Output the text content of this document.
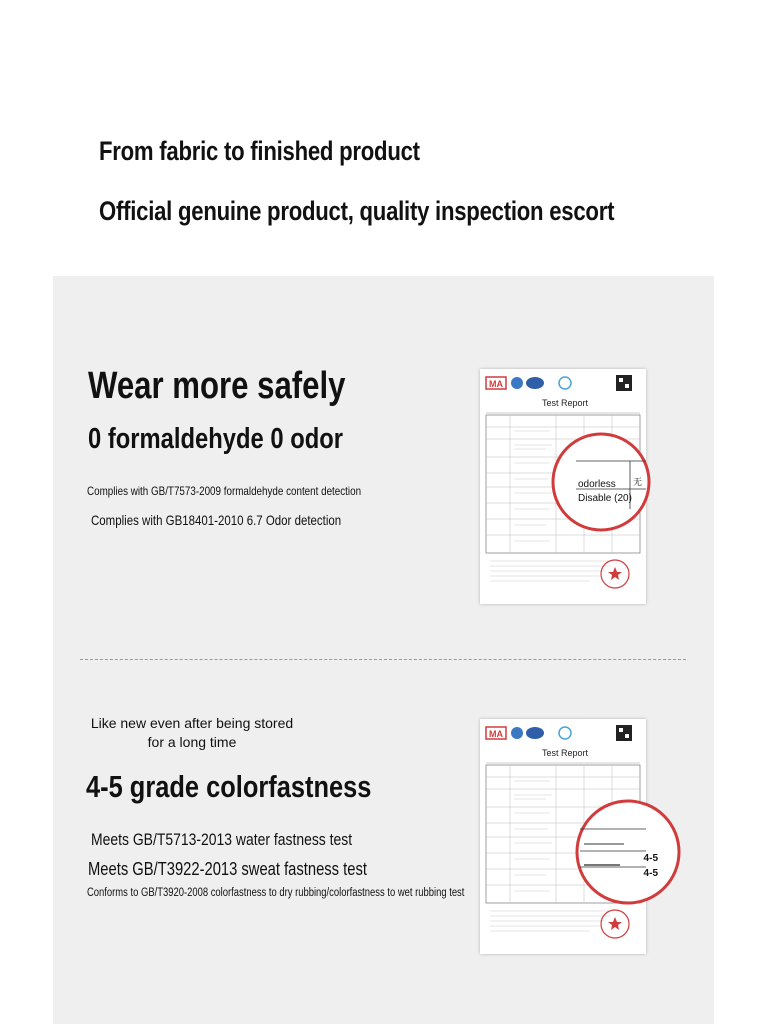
From fabric to finished product
Official genuine product, quality inspection escort
Wear more safely
0 formaldehyde 0 odor
Complies with GB/T7573-2009 formaldehyde content detection
Complies with GB18401-2010 6.7 Odor detection
MA
Test Report
odorless
Disable (20)
无
Like new even after being stored for a long time
4-5 grade colorfastness
Meets GB/T5713-2013 water fastness test
Meets GB/T3922-2013 sweat fastness test
Conforms to GB/T3920-2008 colorfastness to dry rubbing/colorfastness to wet rubbing test
MA
Test Report
4-5
4-5
